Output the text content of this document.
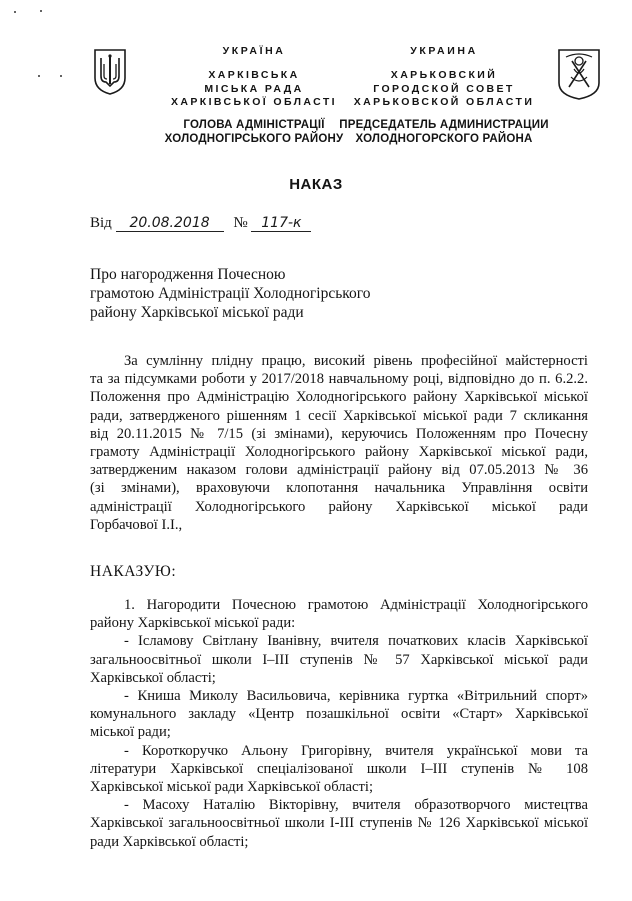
УКРАЇНА
ХАРКІВСЬКА
МІСЬКА РАДА
ХАРКІВСЬКОЇ ОБЛАСТІ
ГОЛОВА АДМІНІСТРАЦІЇ
ХОЛОДНОГІРСЬКОГО РАЙОНУ
УКРАИНА
ХАРЬКОВСКИЙ
ГОРОДСКОЙ СОВЕТ
ХАРЬКОВСКОЙ ОБЛАСТИ
ПРЕДСЕДАТЕЛЬ АДМИНИСТРАЦИИ
ХОЛОДНОГОРСКОГО РАЙОНА
НАКАЗ
Від 20.08.2018 № 117-к
Про нагородження Почесною
грамотою Адміністрації Холодногірського
району Харківської міської ради
За сумлінну плідну працю, високий рівень професійної майстерності
та за підсумками роботи у 2017/2018 навчальному році, відповідно до п. 6.2.2.
Положення про Адміністрацію Холодногірського району Харківської міської
ради, затвердженого рішенням 1 сесії Харківської міської ради 7 скликання
від 20.11.2015 № 7/15 (зі змінами), керуючись Положенням про Почесну
грамоту Адміністрації Холодногірського району Харківської міської ради,
затвердженим наказом голови адміністрації району від 07.05.2013 № 36
(зі змінами), враховуючи клопотання начальника Управління освіти
адміністрації Холодногірського району Харківської міської ради
Горбачової І.І.,
НАКАЗУЮ:
1. Нагородити Почесною грамотою Адміністрації Холодногірського
району Харківської міської ради:
- Ісламову Світлану Іванівну, вчителя початкових класів Харківської
загальноосвітньої школи І–ІІІ ступенів № 57 Харківської міської ради
Харківської області;
- Книша Миколу Васильовича, керівника гуртка «Вітрильний спорт»
комунального закладу «Центр позашкільної освіти «Старт» Харківської
міської ради;
- Короткоручко Альону Григорівну, вчителя української мови та
літератури Харківської спеціалізованої школи І–ІІІ ступенів № 108
Харківської міської ради Харківської області;
- Масоху Наталію Вікторівну, вчителя образотворчого мистецтва
Харківської загальноосвітньої школи І-ІІІ ступенів № 126 Харківської міської
ради Харківської області;
